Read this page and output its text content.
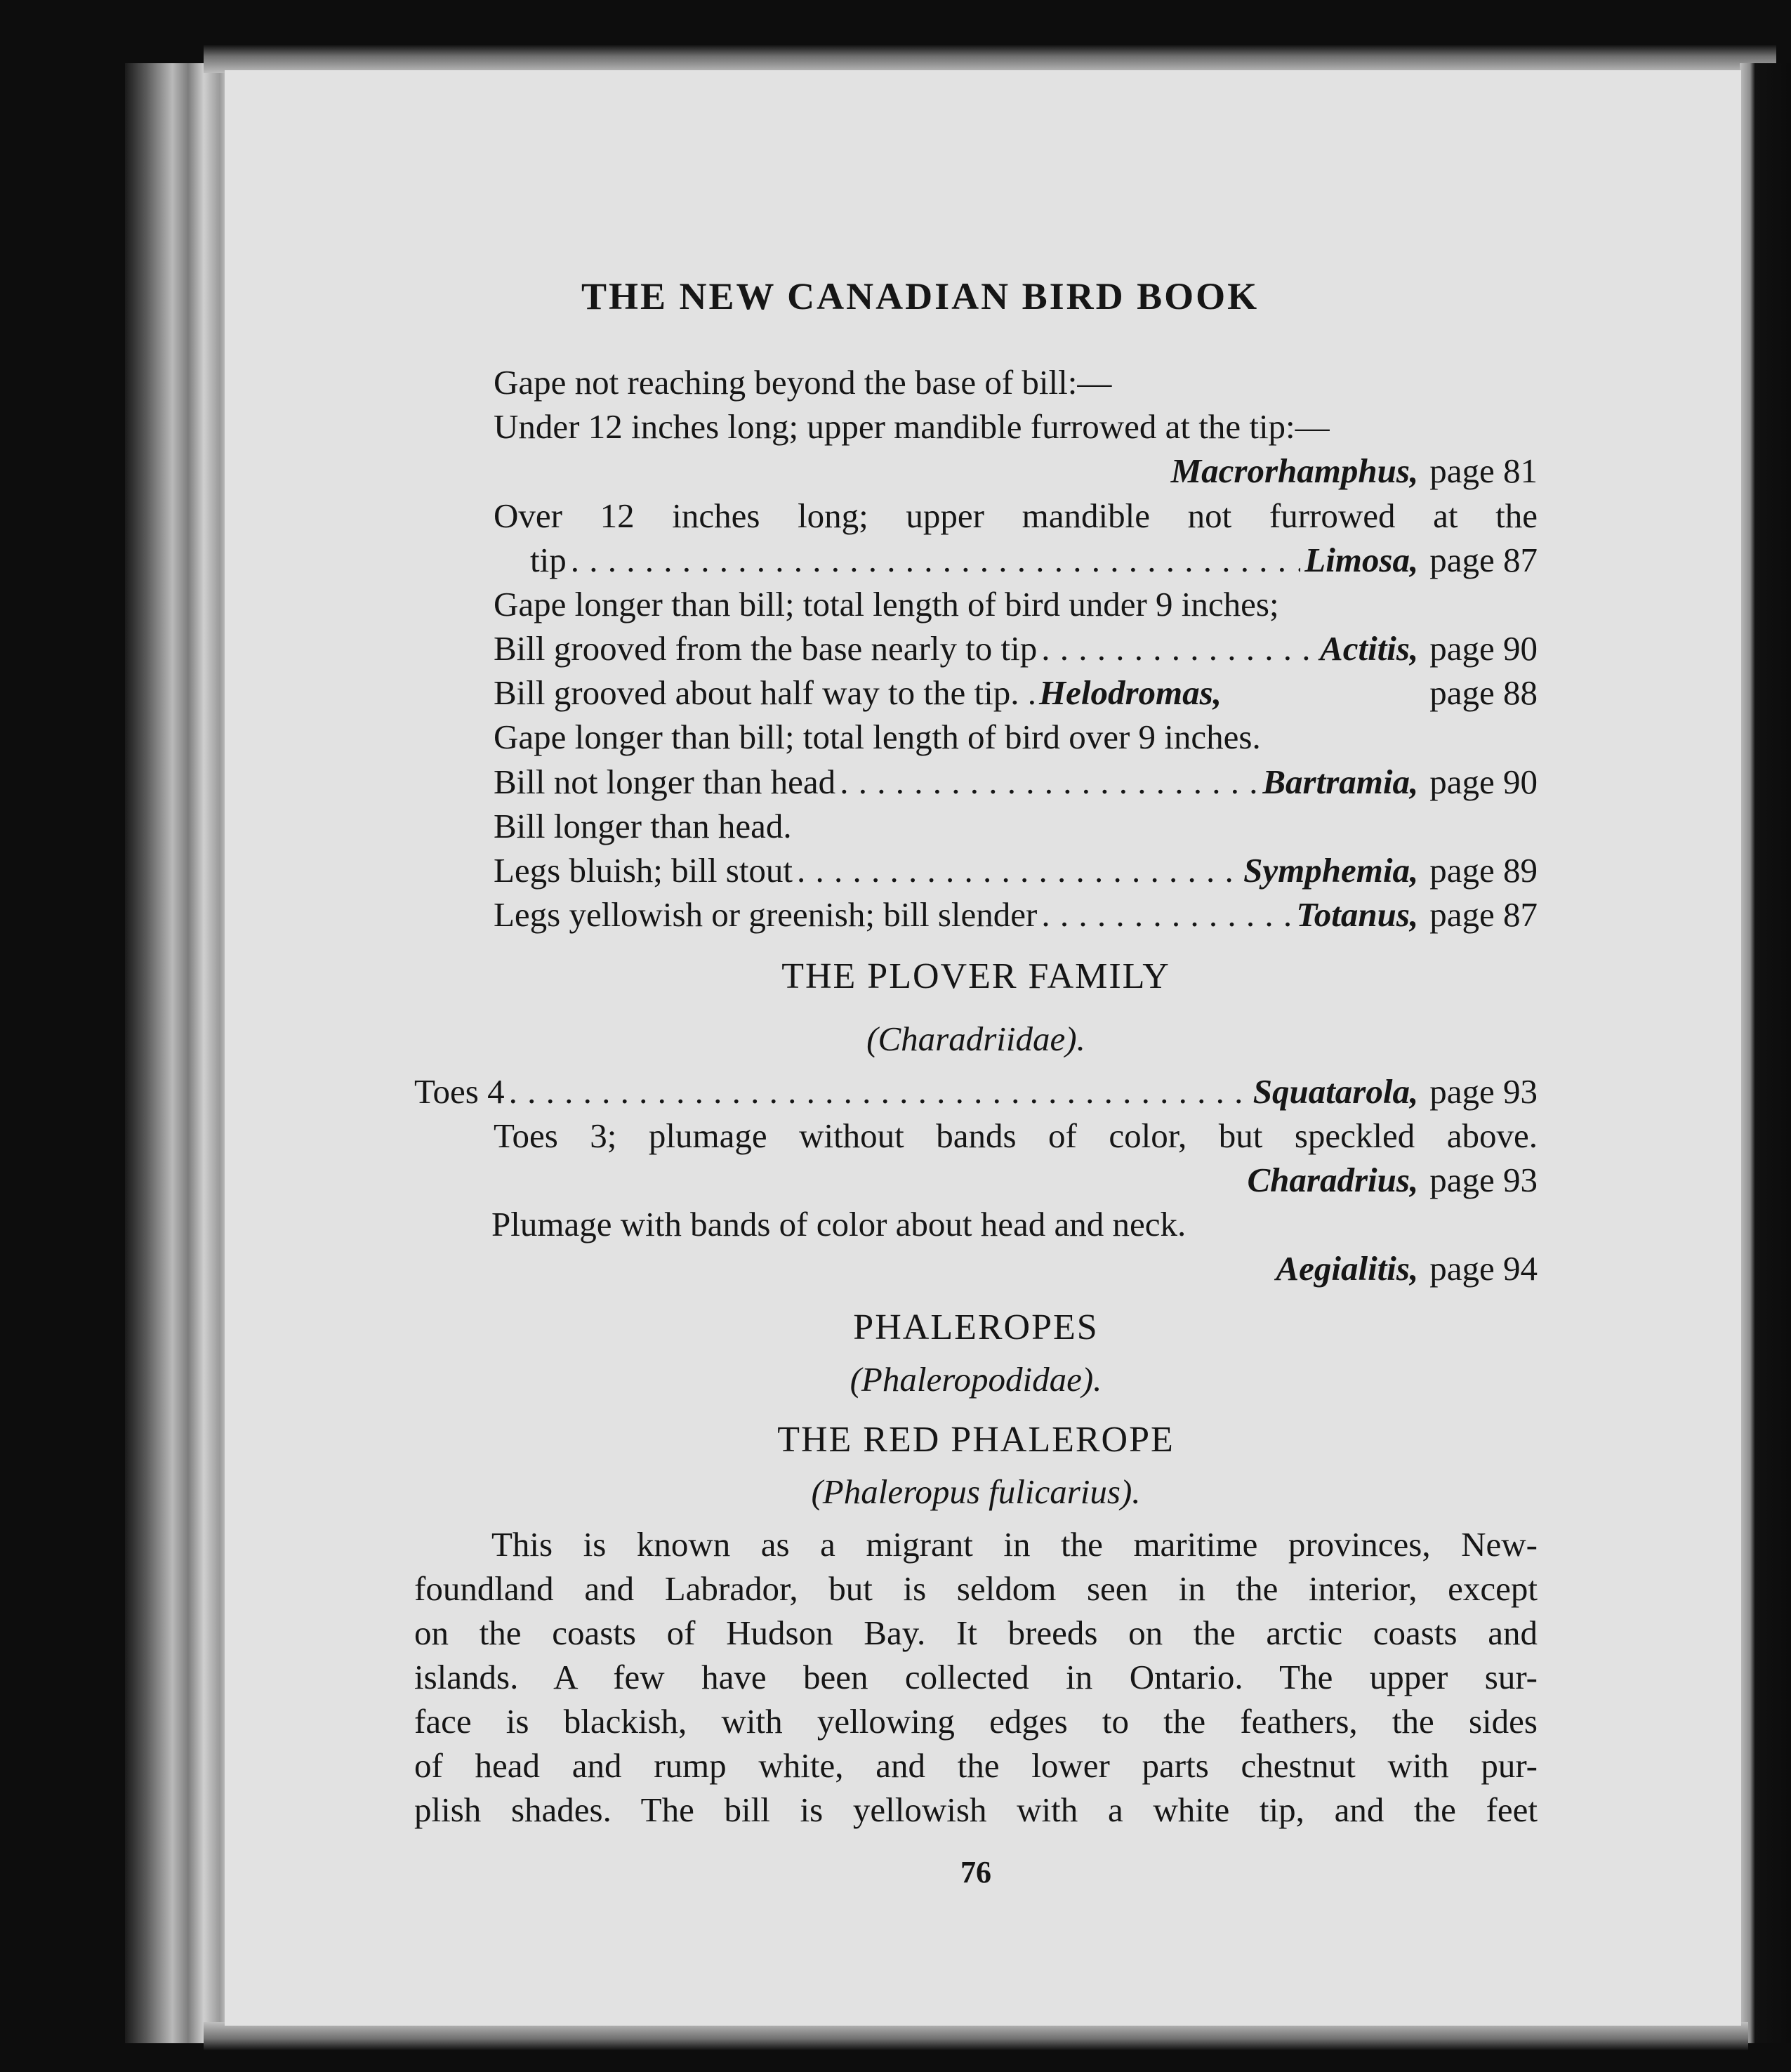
THE NEW CANADIAN BIRD BOOK
Gape not reaching beyond the base of bill:—
Under 12 inches long; upper mandible furrowed at the tip:—
Macrorhamphus, page 81
Over 12 inches long; upper mandible not furrowed at the
tip . . .	Limosa, page 87
Gape longer than bill; total length of bird under 9 inches;
Bill grooved from the base nearly to tip . . .	Actitis, page 90
Bill grooved about half way to the tip. . Helodromas,	page 88
Gape longer than bill; total length of bird over 9 inches.
Bill not longer than head . . .	Bartramia, page 90
Bill longer than head.
Legs bluish; bill stout . . .	Symphemia, page 89
Legs yellowish or greenish; bill slender . . .	Totanus, page 87
THE PLOVER FAMILY
(Charadriidae).
Toes 4 . . .	Squatarola, page 93
Toes 3; plumage without bands of color, but speckled above.
Charadrius, page 93
Plumage with bands of color about head and neck.
Aegialitis, page 94
PHALEROPES
(Phaleropodidae).
THE RED PHALEROPE
(Phaleropus fulicarius).
This is known as a migrant in the maritime provinces, New-
foundland and Labrador, but is seldom seen in the interior, except
on the coasts of Hudson Bay. It breeds on the arctic coasts and
islands. A few have been collected in Ontario. The upper sur-
face is blackish, with yellowing edges to the feathers, the sides
of head and rump white, and the lower parts chestnut with pur-
plish shades. The bill is yellowish with a white tip, and the feet
76
